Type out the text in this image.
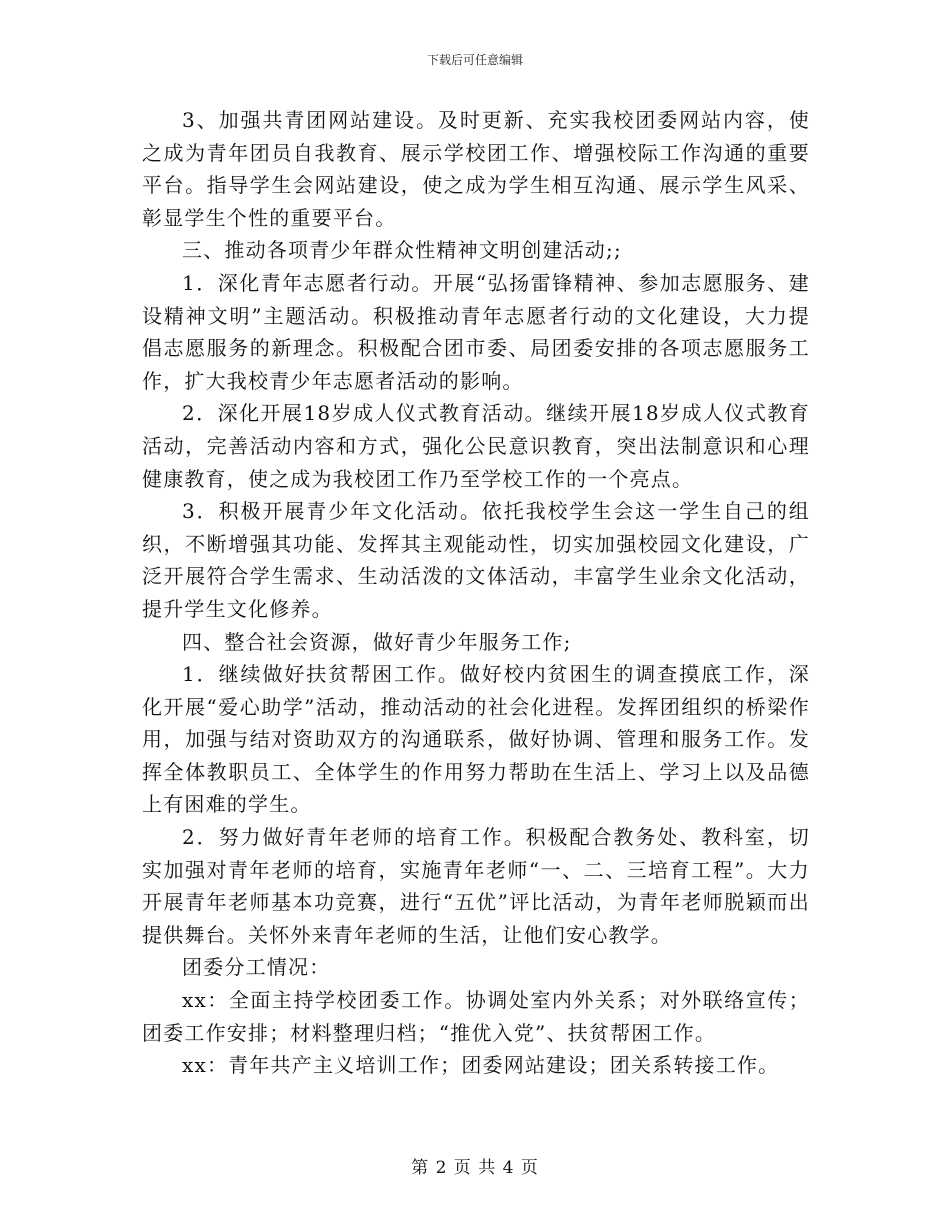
下载后可任意编辑

3、加强共青团网站建设。及时更新、充实我校团委网站内容，使之成为青年团员自我教育、展示学校团工作、增强校际工作沟通的重要平台。指导学生会网站建设，使之成为学生相互沟通、展示学生风采、彰显学生个性的重要平台。

三、推动各项青少年群众性精神文明创建活动;;

1．深化青年志愿者行动。开展“弘扬雷锋精神、参加志愿服务、建设精神文明”主题活动。积极推动青年志愿者行动的文化建设，大力提倡志愿服务的新理念。积极配合团市委、局团委安排的各项志愿服务工作，扩大我校青少年志愿者活动的影响。

2．深化开展18岁成人仪式教育活动。继续开展18岁成人仪式教育活动，完善活动内容和方式，强化公民意识教育，突出法制意识和心理健康教育，使之成为我校团工作乃至学校工作的一个亮点。

3．积极开展青少年文化活动。依托我校学生会这一学生自己的组织，不断增强其功能、发挥其主观能动性，切实加强校园文化建设，广泛开展符合学生需求、生动活泼的文体活动，丰富学生业余文化活动，提升学生文化修养。

四、整合社会资源，做好青少年服务工作;

1．继续做好扶贫帮困工作。做好校内贫困生的调查摸底工作，深化开展“爱心助学”活动，推动活动的社会化进程。发挥团组织的桥梁作用，加强与结对资助双方的沟通联系，做好协调、管理和服务工作。发挥全体教职员工、全体学生的作用努力帮助在生活上、学习上以及品德上有困难的学生。

2．努力做好青年老师的培育工作。积极配合教务处、教科室，切实加强对青年老师的培育，实施青年老师“一、二、三培育工程”。大力开展青年老师基本功竞赛，进行“五优”评比活动，为青年老师脱颖而出提供舞台。关怀外来青年老师的生活，让他们安心教学。

团委分工情况：

xx：全面主持学校团委工作。协调处室内外关系；对外联络宣传；团委工作安排；材料整理归档；“推优入党”、扶贫帮困工作。

xx：青年共产主义培训工作；团委网站建设；团关系转接工作。

第 2 页 共 4 页
